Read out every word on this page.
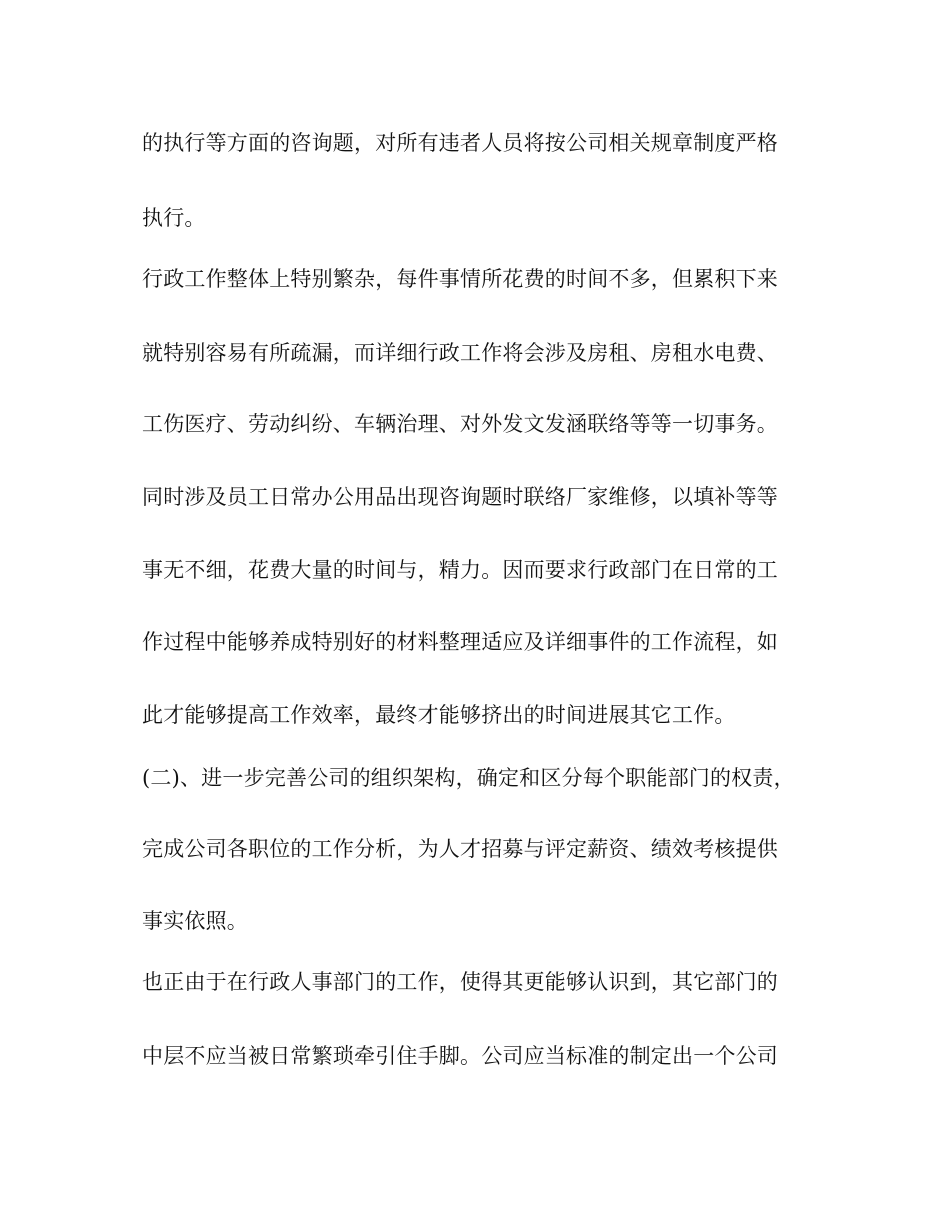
的执行等方面的咨询题，对所有违者人员将按公司相关规章制度严格
执行。
行政工作整体上特别繁杂，每件事情所花费的时间不多，但累积下来
就特别容易有所疏漏，而详细行政工作将会涉及房租、房租水电费、
工伤医疗、劳动纠纷、车辆治理、对外发文发涵联络等等一切事务。
同时涉及员工日常办公用品出现咨询题时联络厂家维修，以填补等等
事无不细，花费大量的时间与，精力。因而要求行政部门在日常的工
作过程中能够养成特别好的材料整理适应及详细事件的工作流程，如
此才能够提高工作效率，最终才能够挤出的时间进展其它工作。
(二)、进一步完善公司的组织架构，确定和区分每个职能部门的权责，
完成公司各职位的工作分析，为人才招募与评定薪资、绩效考核提供
事实依照。
也正由于在行政人事部门的工作，使得其更能够认识到，其它部门的
中层不应当被日常繁琐牵引住手脚。公司应当标准的制定出一个公司
